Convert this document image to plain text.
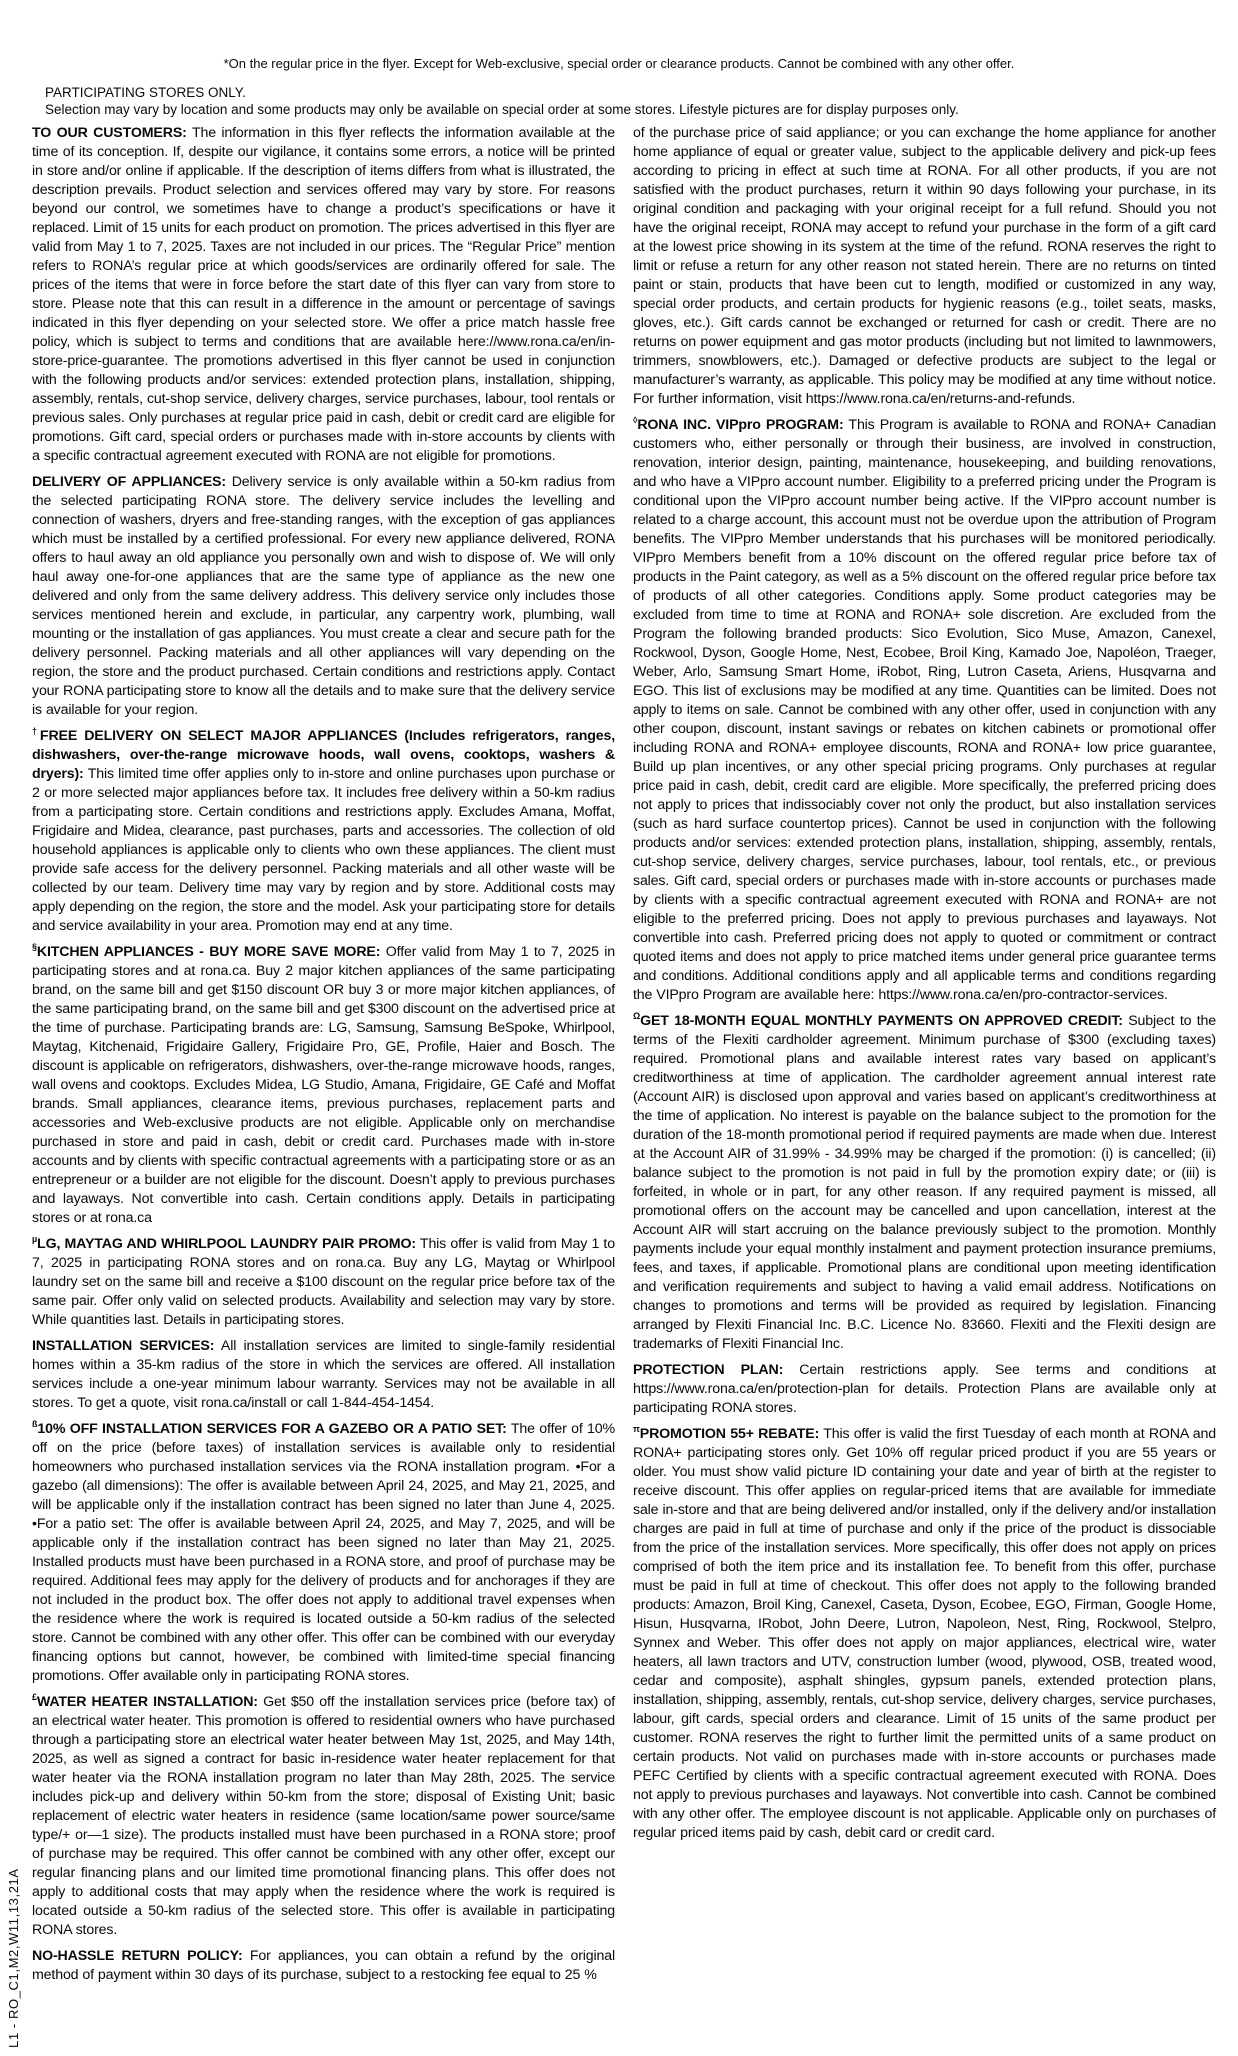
*On the regular price in the flyer. Except for Web-exclusive, special order or clearance products. Cannot be combined with any other offer.
PARTICIPATING STORES ONLY.
Selection may vary by location and some products may only be available on special order at some stores. Lifestyle pictures are for display purposes only.

TO OUR CUSTOMERS: The information in this flyer reflects the information available at the time of its conception. If, despite our vigilance, it contains some errors, a notice will be printed in store and/or online if applicable. If the description of items differs from what is illustrated, the description prevails. Product selection and services offered may vary by store. For reasons beyond our control, we sometimes have to change a product’s specifications or have it replaced. Limit of 15 units for each product on promotion. The prices advertised in this flyer are valid from May 1 to 7, 2025. Taxes are not included in our prices. The “Regular Price” mention refers to RONA’s regular price at which goods/services are ordinarily offered for sale. The prices of the items that were in force before the start date of this flyer can vary from store to store. Please note that this can result in a difference in the amount or percentage of savings indicated in this flyer depending on your selected store. We offer a price match hassle free policy, which is subject to terms and conditions that are available here://www.rona.ca/en/in-store-price-guarantee. The promotions advertised in this flyer cannot be used in conjunction with the following products and/or services: extended protection plans, installation, shipping, assembly, rentals, cut-shop service, delivery charges, service purchases, labour, tool rentals or previous sales. Only purchases at regular price paid in cash, debit or credit card are eligible for promotions. Gift card, special orders or purchases made with in-store accounts by clients with a specific contractual agreement executed with RONA are not eligible for promotions.

DELIVERY OF APPLIANCES: Delivery service is only available within a 50-km radius from the selected participating RONA store. The delivery service includes the levelling and connection of washers, dryers and free-standing ranges, with the exception of gas appliances which must be installed by a certified professional. For every new appliance delivered, RONA offers to haul away an old appliance you personally own and wish to dispose of. We will only haul away one-for-one appliances that are the same type of appliance as the new one delivered and only from the same delivery address. This delivery service only includes those services mentioned herein and exclude, in particular, any carpentry work, plumbing, wall mounting or the installation of gas appliances. You must create a clear and secure path for the delivery personnel. Packing materials and all other appliances will vary depending on the region, the store and the product purchased. Certain conditions and restrictions apply. Contact your RONA participating store to know all the details and to make sure that the delivery service is available for your region.

†FREE DELIVERY ON SELECT MAJOR APPLIANCES (Includes refrigerators, ranges, dishwashers, over-the-range microwave hoods, wall ovens, cooktops, washers & dryers): This limited time offer applies only to in-store and online purchases upon purchase or 2 or more selected major appliances before tax. It includes free delivery within a 50-km radius from a participating store. Certain conditions and restrictions apply. Excludes Amana, Moffat, Frigidaire and Midea, clearance, past purchases, parts and accessories. The collection of old household appliances is applicable only to clients who own these appliances. The client must provide safe access for the delivery personnel. Packing materials and all other waste will be collected by our team. Delivery time may vary by region and by store. Additional costs may apply depending on the region, the store and the model. Ask your participating store for details and service availability in your area. Promotion may end at any time.

§KITCHEN APPLIANCES - BUY MORE SAVE MORE: Offer valid from May 1 to 7, 2025 in participating stores and at rona.ca. Buy 2 major kitchen appliances of the same participating brand, on the same bill and get $150 discount OR buy 3 or more major kitchen appliances, of the same participating brand, on the same bill and get $300 discount on the advertised price at the time of purchase. Participating brands are: LG, Samsung, Samsung BeSpoke, Whirlpool, Maytag, Kitchenaid, Frigidaire Gallery, Frigidaire Pro, GE, Profile, Haier and Bosch. The discount is applicable on refrigerators, dishwashers, over-the-range microwave hoods, ranges, wall ovens and cooktops. Excludes Midea, LG Studio, Amana, Frigidaire, GE Café and Moffat brands. Small appliances, clearance items, previous purchases, replacement parts and accessories and Web-exclusive products are not eligible. Applicable only on merchandise purchased in store and paid in cash, debit or credit card. Purchases made with in-store accounts and by clients with specific contractual agreements with a participating store or as an entrepreneur or a builder are not eligible for the discount. Doesn’t apply to previous purchases and layaways. Not convertible into cash. Certain conditions apply. Details in participating stores or at rona.ca

$^\mu$LG, MAYTAG AND WHIRLPOOL LAUNDRY PAIR PROMO: This offer is valid from May 1 to 7, 2025 in participating RONA stores and on rona.ca. Buy any LG, Maytag or Whirlpool laundry set on the same bill and receive a $100 discount on the regular price before tax of the same pair. Offer only valid on selected products. Availability and selection may vary by store. While quantities last. Details in participating stores.

INSTALLATION SERVICES: All installation services are limited to single-family residential homes within a 35-km radius of the store in which the services are offered. All installation services include a one-year minimum labour warranty. Services may not be available in all stores. To get a quote, visit rona.ca/install or call 1-844-454-1454.

$^ß$10% OFF INSTALLATION SERVICES FOR A GAZEBO OR A PATIO SET: The offer of 10% off on the price (before taxes) of installation services is available only to residential homeowners who purchased installation services via the RONA installation program. •For a gazebo (all dimensions): The offer is available between April 24, 2025, and May 21, 2025, and will be applicable only if the installation contract has been signed no later than June 4, 2025. •For a patio set: The offer is available between April 24, 2025, and May 7, 2025, and will be applicable only if the installation contract has been signed no later than May 21, 2025. Installed products must have been purchased in a RONA store, and proof of purchase may be required. Additional fees may apply for the delivery of products and for anchorages if they are not included in the product box. The offer does not apply to additional travel expenses when the residence where the work is required is located outside a 50-km radius of the selected store. Cannot be combined with any other offer. This offer can be combined with our everyday financing options but cannot, however, be combined with limited-time special financing promotions. Offer available only in participating RONA stores.

£WATER HEATER INSTALLATION: Get $50 off the installation services price (before tax) of an electrical water heater. This promotion is offered to residential owners who have purchased through a participating store an electrical water heater between May 1st, 2025, and May 14th, 2025, as well as signed a contract for basic in-residence water heater replacement for that water heater via the RONA installation program no later than May 28th, 2025. The service includes pick-up and delivery within 50-km from the store; disposal of Existing Unit; basic replacement of electric water heaters in residence (same location/same power source/same type/+ or—1 size). The products installed must have been purchased in a RONA store; proof of purchase may be required. This offer cannot be combined with any other offer, except our regular financing plans and our limited time promotional financing plans. This offer does not apply to additional costs that may apply when the residence where the work is required is located outside a 50-km radius of the selected store. This offer is available in participating RONA stores.

NO-HASSLE RETURN POLICY: For appliances, you can obtain a refund by the original method of payment within 30 days of its purchase, subject to a restocking fee equal to 25 %

of the purchase price of said appliance; or you can exchange the home appliance for another home appliance of equal or greater value, subject to the applicable delivery and pick-up fees according to pricing in effect at such time at RONA. For all other products, if you are not satisfied with the product purchases, return it within 90 days following your purchase, in its original condition and packaging with your original receipt for a full refund. Should you not have the original receipt, RONA may accept to refund your purchase in the form of a gift card at the lowest price showing in its system at the time of the refund. RONA reserves the right to limit or refuse a return for any other reason not stated herein. There are no returns on tinted paint or stain, products that have been cut to length, modified or customized in any way, special order products, and certain products for hygienic reasons (e.g., toilet seats, masks, gloves, etc.). Gift cards cannot be exchanged or returned for cash or credit. There are no returns on power equipment and gas motor products (including but not limited to lawnmowers, trimmers, snowblowers, etc.). Damaged or defective products are subject to the legal or manufacturer’s warranty, as applicable. This policy may be modified at any time without notice. For further information, visit https://www.rona.ca/en/returns-and-refunds.

◊RONA INC. VIPpro PROGRAM: This Program is available to RONA and RONA+ Canadian customers who, either personally or through their business, are involved in construction, renovation, interior design, painting, maintenance, housekeeping, and building renovations, and who have a VIPpro account number. Eligibility to a preferred pricing under the Program is conditional upon the VIPpro account number being active. If the VIPpro account number is related to a charge account, this account must not be overdue upon the attribution of Program benefits. The VIPpro Member understands that his purchases will be monitored periodically. VIPpro Members benefit from a 10% discount on the offered regular price before tax of products in the Paint category, as well as a 5% discount on the offered regular price before tax of products of all other categories. Conditions apply. Some product categories may be excluded from time to time at RONA and RONA+ sole discretion. Are excluded from the Program the following branded products: Sico Evolution, Sico Muse, Amazon, Canexel, Rockwool, Dyson, Google Home, Nest, Ecobee, Broil King, Kamado Joe, Napoléon, Traeger, Weber, Arlo, Samsung Smart Home, iRobot, Ring, Lutron Caseta, Ariens, Husqvarna and EGO. This list of exclusions may be modified at any time. Quantities can be limited. Does not apply to items on sale. Cannot be combined with any other offer, used in conjunction with any other coupon, discount, instant savings or rebates on kitchen cabinets or promotional offer including RONA and RONA+ employee discounts, RONA and RONA+ low price guarantee, Build up plan incentives, or any other special pricing programs. Only purchases at regular price paid in cash, debit, credit card are eligible. More specifically, the preferred pricing does not apply to prices that indissociably cover not only the product, but also installation services (such as hard surface countertop prices). Cannot be used in conjunction with the following products and/or services: extended protection plans, installation, shipping, assembly, rentals, cut-shop service, delivery charges, service purchases, labour, tool rentals, etc., or previous sales. Gift card, special orders or purchases made with in-store accounts or purchases made by clients with a specific contractual agreement executed with RONA and RONA+ are not eligible to the preferred pricing. Does not apply to previous purchases and layaways. Not convertible into cash. Preferred pricing does not apply to quoted or commitment or contract quoted items and does not apply to price matched items under general price guarantee terms and conditions. Additional conditions apply and all applicable terms and conditions regarding the VIPpro Program are available here: https://www.rona.ca/en/pro-contractor-services.

$^\Omega$GET 18-MONTH EQUAL MONTHLY PAYMENTS ON APPROVED CREDIT: Subject to the terms of the Flexiti cardholder agreement. Minimum purchase of $300 (excluding taxes) required. Promotional plans and available interest rates vary based on applicant’s creditworthiness at time of application. The cardholder agreement annual interest rate (Account AIR) is disclosed upon approval and varies based on applicant’s creditworthiness at the time of application. No interest is payable on the balance subject to the promotion for the duration of the 18-month promotional period if required payments are made when due. Interest at the Account AIR of 31.99% - 34.99% may be charged if the promotion: (i) is cancelled; (ii) balance subject to the promotion is not paid in full by the promotion expiry date; or (iii) is forfeited, in whole or in part, for any other reason. If any required payment is missed, all promotional offers on the account may be cancelled and upon cancellation, interest at the Account AIR will start accruing on the balance previously subject to the promotion. Monthly payments include your equal monthly instalment and payment protection insurance premiums, fees, and taxes, if applicable. Promotional plans are conditional upon meeting identification and verification requirements and subject to having a valid email address. Notifications on changes to promotions and terms will be provided as required by legislation. Financing arranged by Flexiti Financial Inc. B.C. Licence No. 83660. Flexiti and the Flexiti design are trademarks of Flexiti Financial Inc.

PROTECTION PLAN: Certain restrictions apply. See terms and conditions at https://www.rona.ca/en/protection-plan for details. Protection Plans are available only at participating RONA stores.

$^\pi$PROMOTION 55+ REBATE: This offer is valid the first Tuesday of each month at RONA and RONA+ participating stores only. Get 10% off regular priced product if you are 55 years or older. You must show valid picture ID containing your date and year of birth at the register to receive discount. This offer applies on regular-priced items that are available for immediate sale in-store and that are being delivered and/or installed, only if the delivery and/or installation charges are paid in full at time of purchase and only if the price of the product is dissociable from the price of the installation services. More specifically, this offer does not apply on prices comprised of both the item price and its installation fee. To benefit from this offer, purchase must be paid in full at time of checkout. This offer does not apply to the following branded products: Amazon, Broil King, Canexel, Caseta, Dyson, Ecobee, EGO, Firman, Google Home, Hisun, Husqvarna, IRobot, John Deere, Lutron, Napoleon, Nest, Ring, Rockwool, Stelpro, Synnex and Weber. This offer does not apply on major appliances, electrical wire, water heaters, all lawn tractors and UTV, construction lumber (wood, plywood, OSB, treated wood, cedar and composite), asphalt shingles, gypsum panels, extended protection plans, installation, shipping, assembly, rentals, cut-shop service, delivery charges, service purchases, labour, gift cards, special orders and clearance. Limit of 15 units of the same product per customer. RONA reserves the right to further limit the permitted units of a same product on certain products. Not valid on purchases made with in-store accounts or purchases made PEFC Certified by clients with a specific contractual agreement executed with RONA. Does not apply to previous purchases and layaways. Not convertible into cash. Cannot be combined with any other offer. The employee discount is not applicable. Applicable only on purchases of regular priced items paid by cash, debit card or credit card.

L1 - RO_C1,M2,W11,13,21A
